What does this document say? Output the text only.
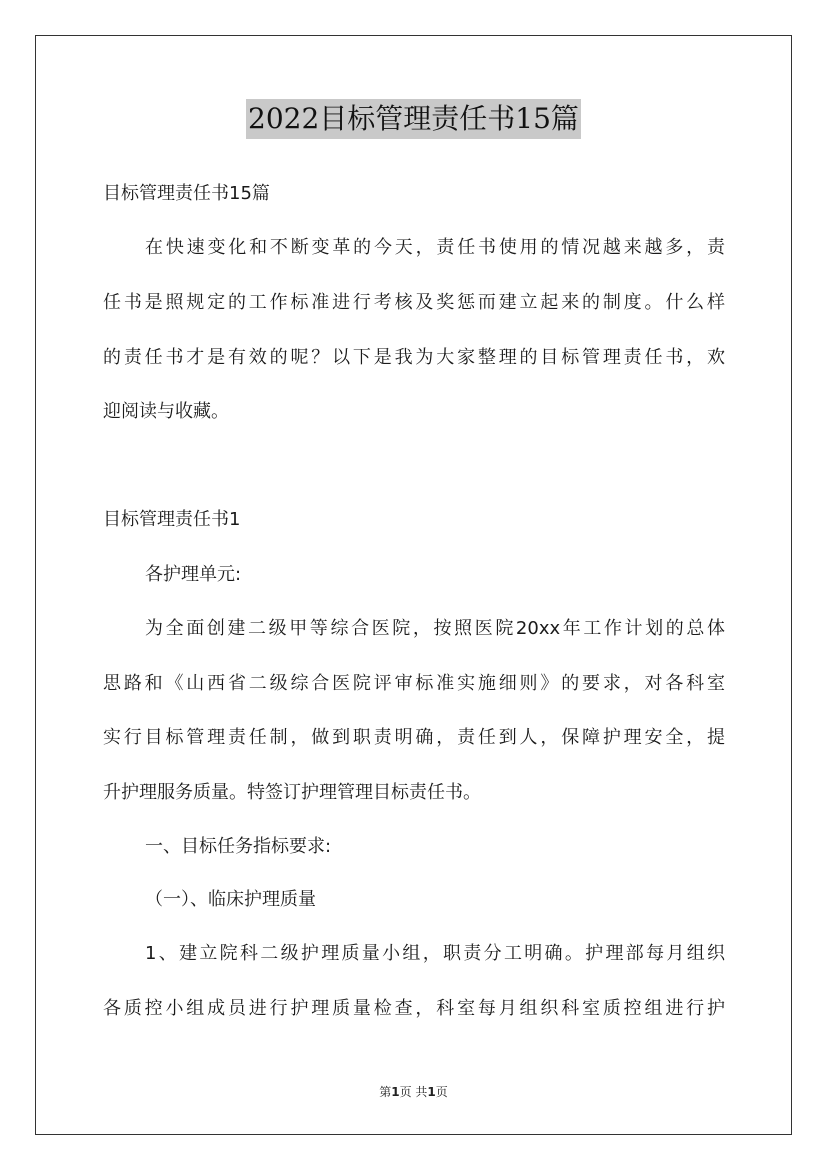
2022目标管理责任书15篇
目标管理责任书15篇
在快速变化和不断变革的今天，责任书使用的情况越来越多，责
任书是照规定的工作标准进行考核及奖惩而建立起来的制度。什么样
的责任书才是有效的呢？以下是我为大家整理的目标管理责任书，欢
迎阅读与收藏。
目标管理责任书1
各护理单元:
为全面创建二级甲等综合医院，按照医院20xx年工作计划的总体
思路和《山西省二级综合医院评审标准实施细则》的要求，对各科室
实行目标管理责任制，做到职责明确，责任到人，保障护理安全，提
升护理服务质量。特签订护理管理目标责任书。
一、目标任务指标要求:
（一）、临床护理质量
1、建立院科二级护理质量小组，职责分工明确。护理部每月组织
各质控小组成员进行护理质量检查，科室每月组织科室质控组进行护
第1页 共1页
